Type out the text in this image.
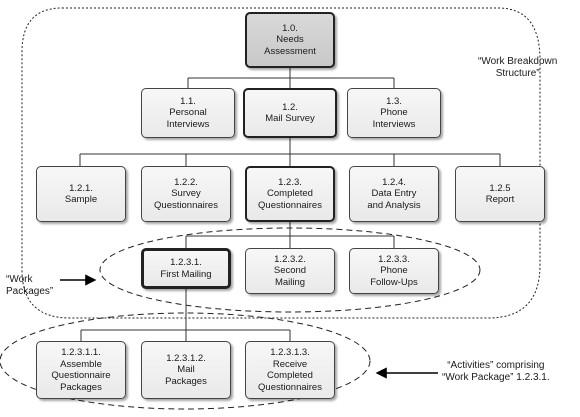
1.0.
Needs
Assessment
1.1.
Personal
Interviews
1.2.
Mail Survey
1.3.
Phone
Interviews
1.2.1.
Sample
1.2.2.
Survey
Questionnaires
1.2.3.
Completed
Questionnaires
1.2.4.
Data Entry
and Analysis
1.2.5
Report
1.2.3.1.
First Mailing
1.2.3.2.
Second
Mailing
1.2.3.3.
Phone
Follow-Ups
1.2.3.1.1.
Assemble
Questionnaire
Packages
1.2.3.1.2.
Mail
Packages
1.2.3.1.3.
Receive
Completed
Questionnaires
“Work Breakdown
Structure”
“Work
Packages”
“Activities” comprising
“Work Package” 1.2.3.1.
